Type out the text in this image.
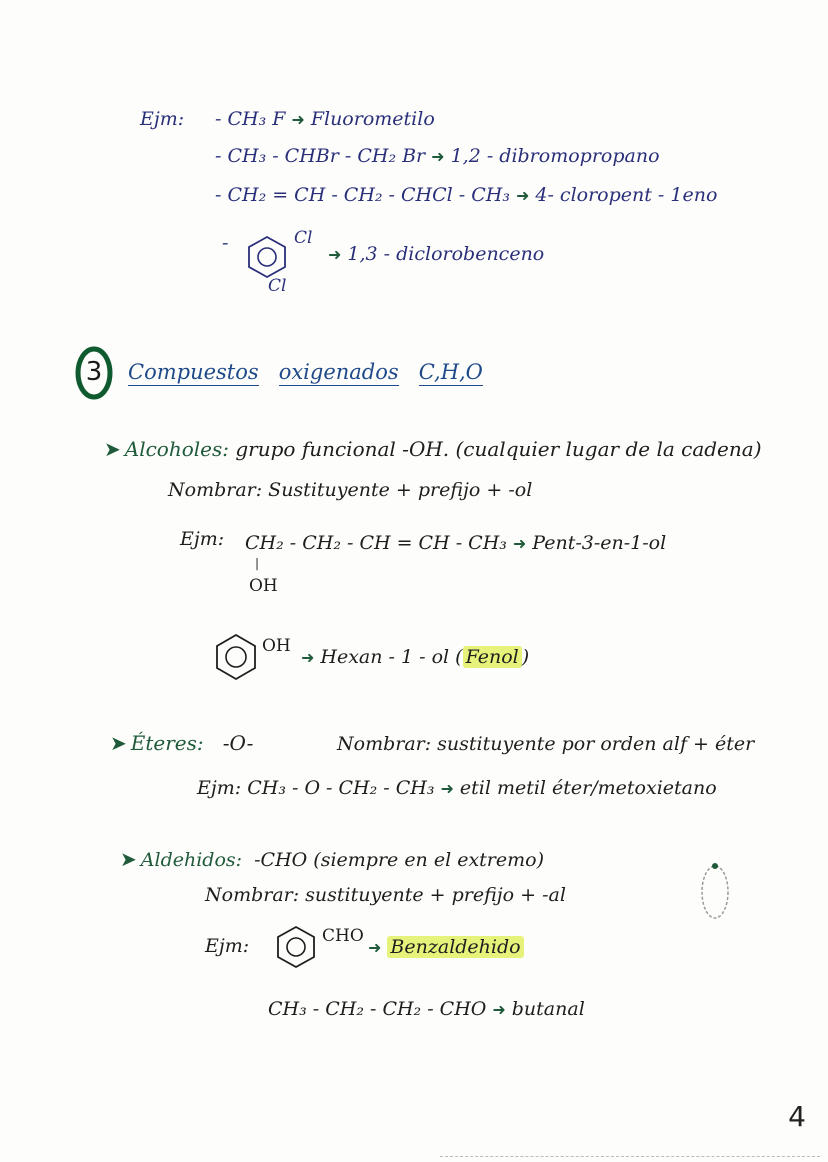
Ejm: - CH₃ F ➜ Fluorometilo
- CH₃ - CHBr - CH₂ Br ➜ 1,2 - dibromopropano
- CH₂ = CH - CH₂ - CHCl - CH₃ ➜ 4- cloropent - 1eno
-	Cl
Cl
➜ 1,3 - diclorobenceno
3	Compuestos oxigenados C,H,O
➤ Alcoholes: grupo funcional -OH. (cualquier lugar de la cadena)
Nombrar: Sustituyente + prefijo + -ol
Ejm: CH₂ - CH₂ - CH = CH - CH₃ ➜ Pent-3-en-1-ol
|
OH
OH
➜ Hexan - 1 - ol ( Fenol )
➤ Éteres: -O-	Nombrar: sustituyente por orden alf + éter
Ejm: CH₃ - O - CH₂ - CH₃ ➜ etil metil éter/metoxietano
➤ Aldehidos: -CHO (siempre en el extremo)
Nombrar: sustituyente + prefijo + -al
Ejm:	CHO
➜ Benzaldehido
CH₃ - CH₂ - CH₂ - CHO ➜ butanal
4
